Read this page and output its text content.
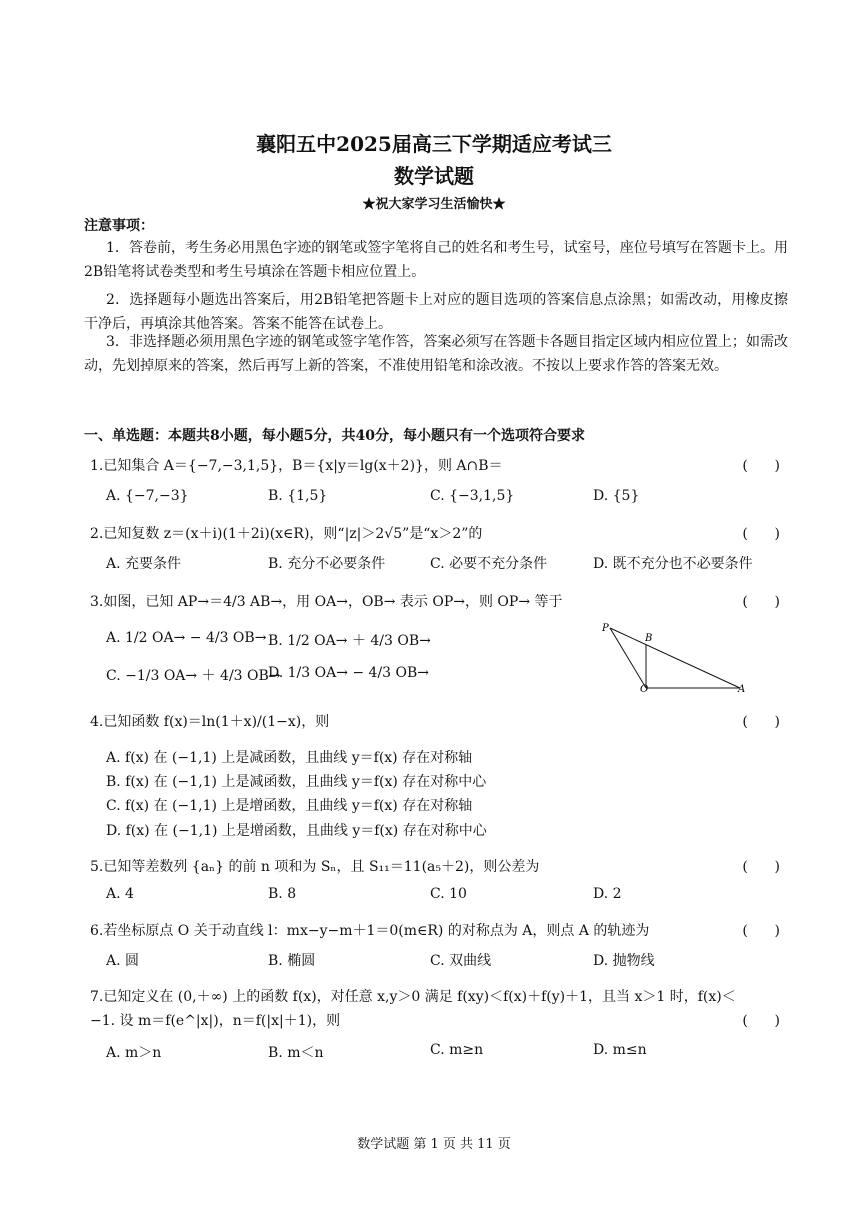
襄阳五中2025届高三下学期适应考试三
数学试题
★祝大家学习生活愉快★
注意事项：
1．答卷前，考生务必用黑色字迹的钢笔或签字笔将自己的姓名和考生号，试室号，座位号填写在答题卡上。用2B铅笔将试卷类型和考生号填涂在答题卡相应位置上。
2．选择题每小题选出答案后，用2B铅笔把答题卡上对应的题目选项的答案信息点涂黑；如需改动，用橡皮擦干净后，再填涂其他答案。答案不能答在试卷上。
3．非选择题必须用黑色字迹的钢笔或签字笔作答，答案必须写在答题卡各题目指定区域内相应位置上；如需改动，先划掉原来的答案，然后再写上新的答案，不准使用铅笔和涂改液。不按以上要求作答的答案无效。
一、单选题：本题共8小题，每小题5分，共40分，每小题只有一个选项符合要求
1.已知集合 A＝{−7,−3,1,5}，B＝{x|y＝lg(x＋2)}，则 A∩B＝	(      )
A. {−7,−3}	B. {1,5}	C. {−3,1,5}	D. {5}
2.已知复数 z＝(x＋i)(1＋2i)(x∈R)，则“|z|＞2√5”是“x＞2”的	(      )
A. 充要条件	B. 充分不必要条件	C. 必要不充分条件	D. 既不充分也不必要条件
3.如图，已知 AP→＝4/3 AB→，用 OA→，OB→ 表示 OP→，则 OP→ 等于	(      )
A. 1/2 OA→ − 4/3 OB→ B. 1/2 OA→ ＋ 4/3 OB→
C. −1/3 OA→ ＋ 4/3 OB→
D. 1/3 OA→ − 4/3 OB→
P
B
O	A
4.已知函数 f(x)＝ln(1＋x)/(1−x)，则	(      )
A. f(x) 在 (−1,1) 上是减函数，且曲线 y＝f(x) 存在对称轴
B. f(x) 在 (−1,1) 上是减函数，且曲线 y＝f(x) 存在对称中心
C. f(x) 在 (−1,1) 上是增函数，且曲线 y＝f(x) 存在对称轴
D. f(x) 在 (−1,1) 上是增函数，且曲线 y＝f(x) 存在对称中心
5.已知等差数列 {aₙ} 的前 n 项和为 Sₙ，且 S₁₁＝11(a₅＋2)，则公差为	(      )
A. 4	B. 8	C. 10	D. 2
6.若坐标原点 O 关于动直线 l：mx−y−m＋1＝0(m∈R) 的对称点为 A，则点 A 的轨迹为	(      )
A. 圆	B. 椭圆	C. 双曲线	D. 抛物线
7.已知定义在 (0,＋∞) 上的函数 f(x)，对任意 x,y＞0 满足 f(xy)＜f(x)＋f(y)＋1，且当 x＞1 时，f(x)＜
−1. 设 m＝f(e^|x|)，n＝f(|x|＋1)，则	(      )
A. m＞n	B. m＜n	C. m≥n	D. m≤n
数学试题 第 1 页 共 11 页
